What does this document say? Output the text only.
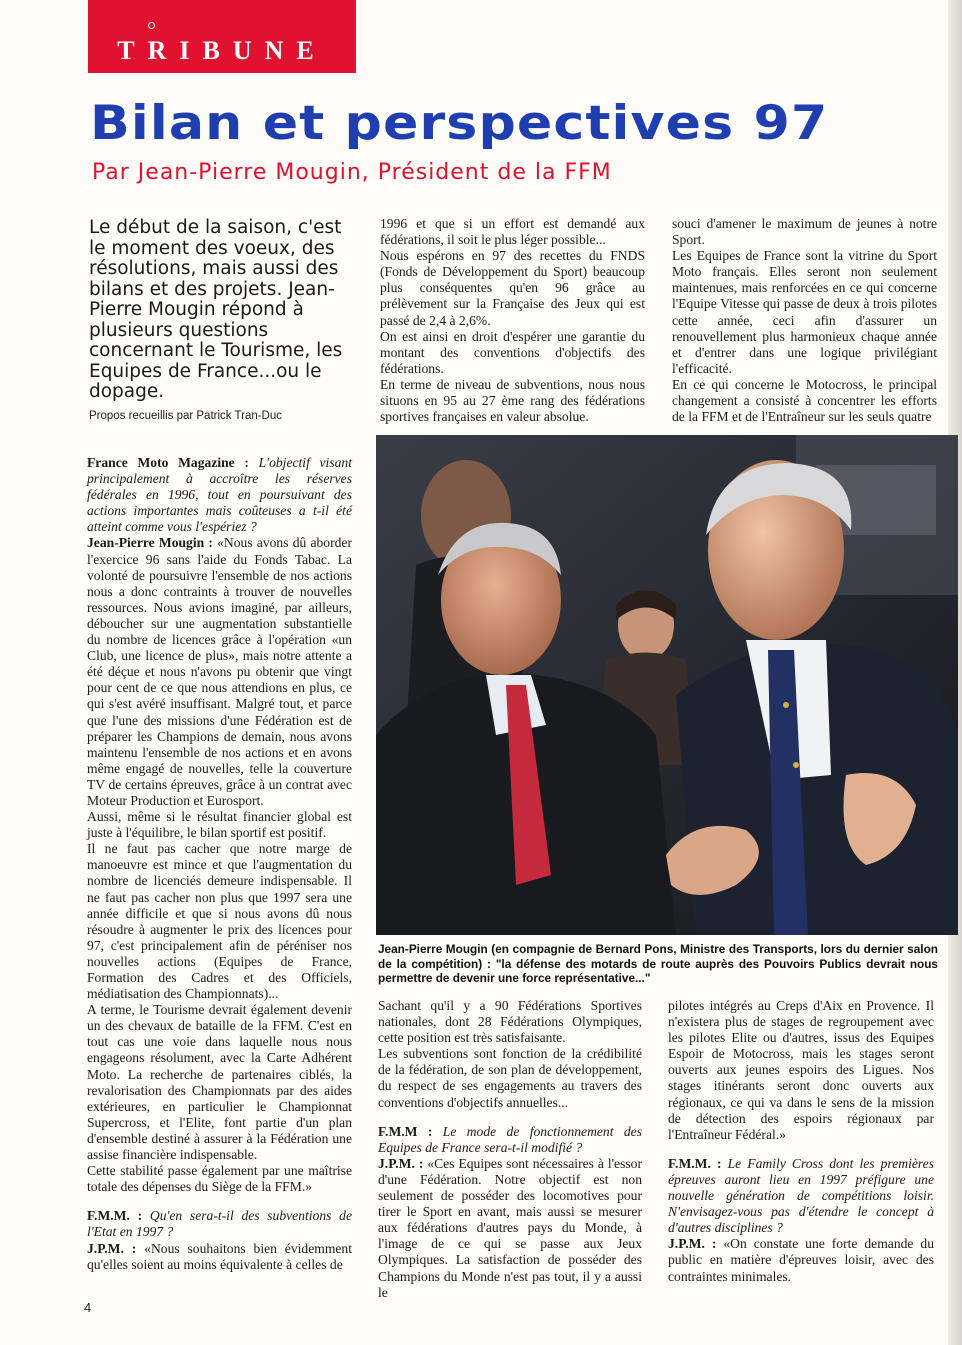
TRIBUNE
Bilan et perspectives 97
Par Jean-Pierre Mougin, Président de la FFM
Le début de la saison, c'est le moment des voeux, des résolutions, mais aussi des bilans et des projets. Jean-Pierre Mougin répond à plusieurs questions concernant le Tourisme, les Equipes de France...ou le dopage.
Propos recueillis par Patrick Tran-Duc

France Moto Magazine : L'objectif visant principalement à accroître les réserves fédérales en 1996, tout en poursuivant des actions importantes mais coûteuses a t-il été atteint comme vous l'espériez ?

Jean-Pierre Mougin : «Nous avons dû aborder l'exercice 96 sans l'aide du Fonds Tabac. La volonté de poursuivre l'ensemble de nos actions nous a donc contraints à trouver de nouvelles ressources. Nous avions imaginé, par ailleurs, déboucher sur une augmentation substantielle du nombre de licences grâce à l'opération «un Club, une licence de plus», mais notre attente a été déçue et nous n'avons pu obtenir que vingt pour cent de ce que nous attendions en plus, ce qui s'est avéré insuffisant. Malgré tout, et parce que l'une des missions d'une Fédération est de préparer les Champions de demain, nous avons maintenu l'ensemble de nos actions et en avons même engagé de nouvelles, telle la couverture TV de certains épreuves, grâce à un contrat avec Moteur Production et Eurosport.

Aussi, même si le résultat financier global est juste à l'équilibre, le bilan sportif est positif.

Il ne faut pas cacher que notre marge de manoeuvre est mince et que l'augmentation du nombre de licenciés demeure indispensable. Il ne faut pas cacher non plus que 1997 sera une année difficile et que si nous avons dû nous résoudre à augmenter le prix des licences pour 97, c'est principalement afin de péréniser nos nouvelles actions (Equipes de France, Formation des Cadres et des Officiels, médiatisation des Championnats)...

A terme, le Tourisme devrait également devenir un des chevaux de bataille de la FFM. C'est en tout cas une voie dans laquelle nous nous engageons résolument, avec la Carte Adhérent Moto. La recherche de partenaires ciblés, la revalorisation des Championnats par des aides extérieures, en particulier le Championnat Supercross, et l'Elite, font partie d'un plan d'ensemble destiné à assurer à la Fédération une assise financière indispensable.

Cette stabilité passe également par une maîtrise totale des dépenses du Siège de la FFM.»

F.M.M. : Qu'en sera-t-il des subventions de l'Etat en 1997 ?

J.P.M. : «Nous souhaitons bien évidemment qu'elles soient au moins équivalente à celles de

1996 et que si un effort est demandé aux fédérations, il soit le plus léger possible...

Nous espérons en 97 des recettes du FNDS (Fonds de Développement du Sport) beaucoup plus conséquentes qu'en 96 grâce au prélèvement sur la Française des Jeux qui est passé de 2,4 à 2,6%.

On est ainsi en droit d'espérer une garantie du montant des conventions d'objectifs des fédérations.

En terme de niveau de subventions, nous nous situons en 95 au 27 ème rang des fédérations sportives françaises en valeur absolue.

souci d'amener le maximum de jeunes à notre Sport.

Les Equipes de France sont la vitrine du Sport Moto français. Elles seront non seulement maintenues, mais renforcées en ce qui concerne l'Equipe Vitesse qui passe de deux à trois pilotes cette année, ceci afin d'assurer un renouvellement plus harmonieux chaque année et d'entrer dans une logique privilégiant l'efficacité.

En ce qui concerne le Motocross, le principal changement a consisté à concentrer les efforts de la FFM et de l'Entraîneur sur les seuls quatre

Jean-Pierre Mougin (en compagnie de Bernard Pons, Ministre des Transports, lors du dernier salon de la compétition) : "la défense des motards de route auprès des Pouvoirs Publics devrait nous permettre de devenir une force représentative..."

Sachant qu'il y a 90 Fédérations Sportives nationales, dont 28 Fédérations Olympiques, cette position est très satisfaisante.

Les subventions sont fonction de la crédibilité de la fédération, de son plan de développement, du respect de ses engagements au travers des conventions d'objectifs annuelles...

F.M.M : Le mode de fonctionnement des Equipes de France sera-t-il modifié ?

J.P.M. : «Ces Equipes sont nécessaires à l'essor d'une Fédération. Notre objectif est non seulement de posséder des locomotives pour tirer le Sport en avant, mais aussi se mesurer aux fédérations d'autres pays du Monde, à l'image de ce qui se passe aux Jeux Olympiques. La satisfaction de posséder des Champions du Monde n'est pas tout, il y a aussi le

pilotes intégrés au Creps d'Aix en Provence. Il n'existera plus de stages de regroupement avec les pilotes Elite ou d'autres, issus des Equipes Espoir de Motocross, mais les stages seront ouverts aux jeunes espoirs des Ligues. Nos stages itinérants seront donc ouverts aux régionaux, ce qui va dans le sens de la mission de détection des espoirs régionaux par l'Entraîneur Fédéral.»

F.M.M. : Le Family Cross dont les premières épreuves auront lieu en 1997 préfigure une nouvelle génération de compétitions loisir. N'envisagez-vous pas d'étendre le concept à d'autres disciplines ?

J.P.M. : «On constate une forte demande du public en matière d'épreuves loisir, avec des contraintes minimales.

4
